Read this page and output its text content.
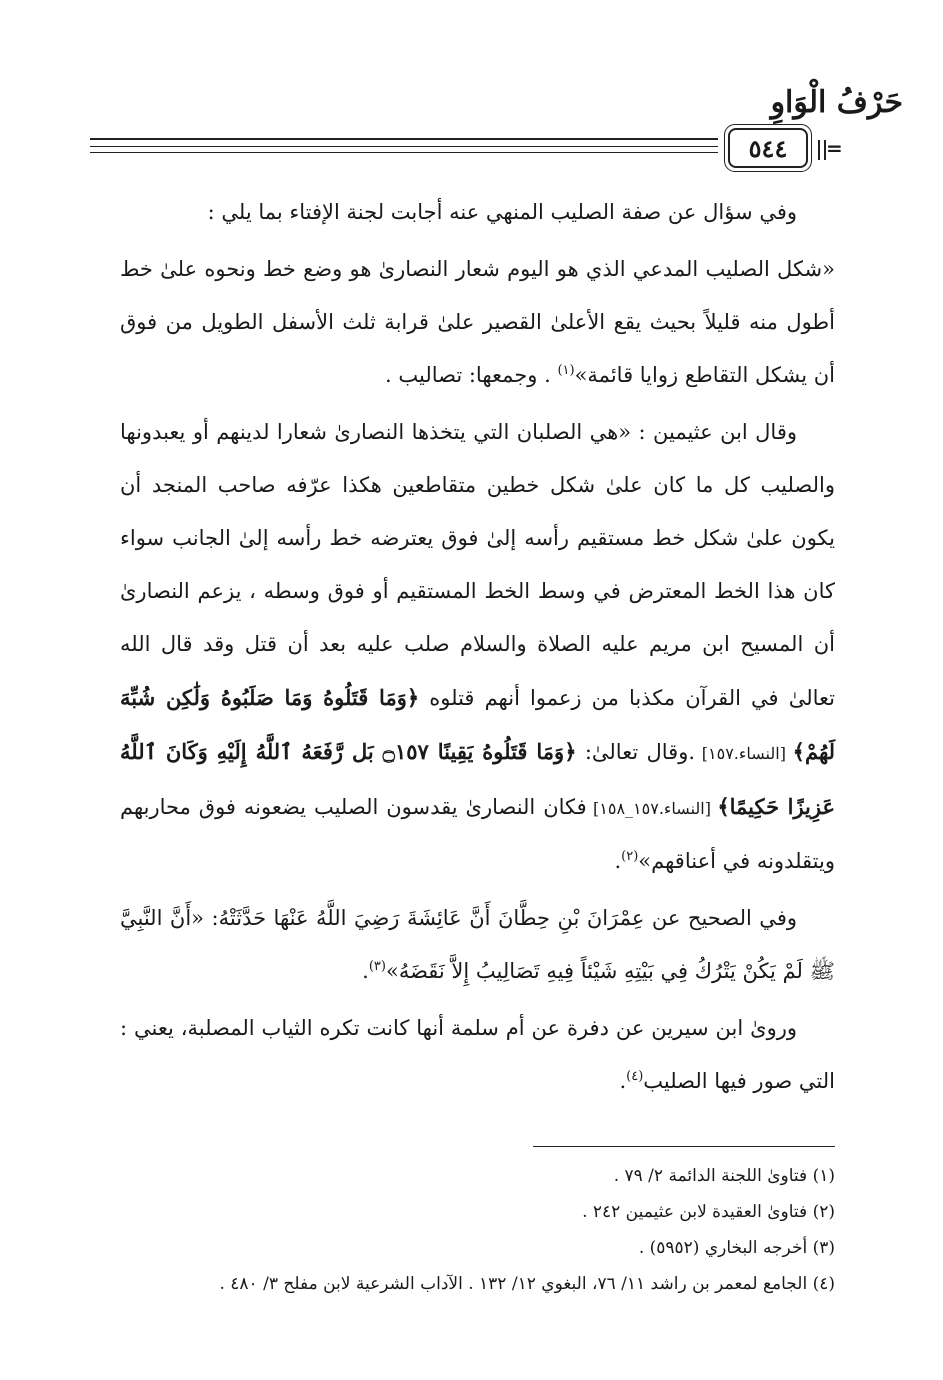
حَرْفُ الْوَاوِ
٥٤٤ =

وفي سؤال عن صفة الصليب المنهي عنه أجابت لجنة الإفتاء بما يلي :

«شكل الصليب المدعي الذي هو اليوم شعار النصارىٰ هو وضع خط ونحوه علىٰ خط أطول منه قليلاً بحيث يقع الأعلىٰ القصير علىٰ قرابة ثلث الأسفل الطويل من فوق أن يشكل التقاطع زوايا قائمة»$^{(١)}$ . وجمعها: تصاليب .

وقال ابن عثيمين : «هي الصلبان التي يتخذها النصارىٰ شعارا لدينهم أو يعبدونها والصليب كل ما كان علىٰ شكل خطين متقاطعين هكذا عرّفه صاحب المنجد أن يكون علىٰ شكل خط مستقيم رأسه إلىٰ فوق يعترضه خط رأسه إلىٰ الجانب سواء كان هذا الخط المعترض في وسط الخط المستقيم أو فوق وسطه ، يزعم النصارىٰ أن المسيح ابن مريم عليه الصلاة والسلام صلب عليه بعد أن قتل وقد قال الله تعالىٰ في القرآن مكذبا من زعموا أنهم قتلوه ﴿وَمَا قَتَلُوهُ وَمَا صَلَبُوهُ وَلَٰكِن شُبِّهَ لَهُمْ﴾ [النساء.١٥٧] .وقال تعالىٰ: ﴿وَمَا قَتَلُوهُ يَقِينًا ۝١٥٧ بَل رَّفَعَهُ ٱللَّهُ إِلَيْهِ وَكَانَ ٱللَّهُ عَزِيزًا حَكِيمًا﴾ [النساء.١٥٧_١٥٨] فكان النصارىٰ يقدسون الصليب يضعونه فوق محاربهم ويتقلدونه في أعناقهم»$^{(٢)}$.

وفي الصحيح عن عِمْرَانَ بْنِ حِطَّانَ أَنَّ عَائِشَةَ رَضِيَ اللَّهُ عَنْهَا حَدَّثَتْهُ: «أَنَّ النَّبِيَّ ﷺ لَمْ يَكُنْ يَتْرُكُ فِي بَيْتِهِ شَيْئاً فِيهِ تَصَالِيبُ إِلاَّ نَقَضَهُ»$^{(٣)}$.

وروىٰ ابن سيرين عن دفرة عن أم سلمة أنها كانت تكره الثياب المصلبة، يعني : التي صور فيها الصليب$^{(٤)}$.

(١) فتاوىٰ اللجنة الدائمة ٢/ ٧٩ .

(٢) فتاوىٰ العقيدة لابن عثيمين ٢٤٢ .

(٣) أخرجه البخاري (٥٩٥٢) .

(٤) الجامع لمعمر بن راشد ١١/ ٧٦، البغوي ١٢/ ١٣٢ . الآداب الشرعية لابن مفلح ٣/ ٤٨٠ .
